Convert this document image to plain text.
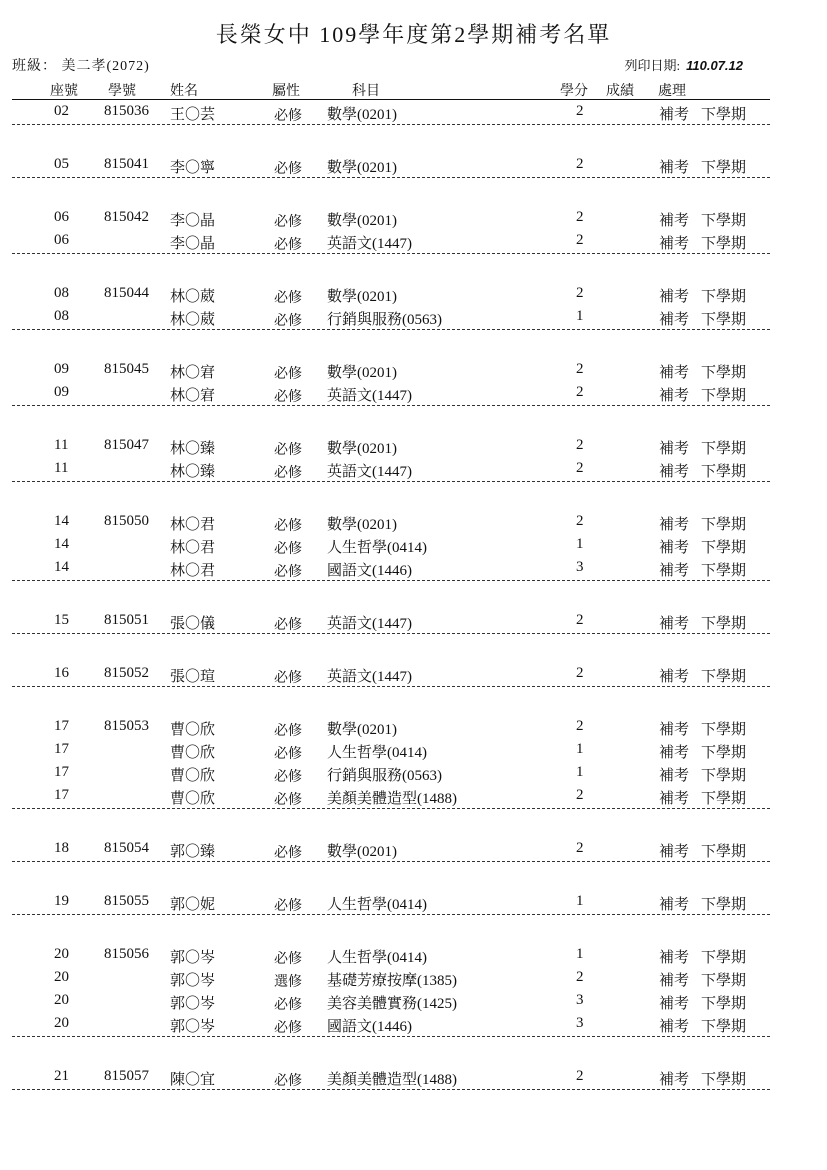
長榮女中 109學年度第2學期補考名單
班級： 美二孝(2072)	列印日期: 110.07.12
座號 學號 姓名	屬性	科目	學分 成績 處理
02 815036 王〇芸	必修 數學(0201)	2	補考 下學期
05 815041 李〇寧	必修 數學(0201)	2	補考 下學期
06 815042 李〇晶	必修 數學(0201)	2	補考 下學期
06	李〇晶	必修 英語文(1447)	2	補考 下學期
08 815044 林〇葳	必修 數學(0201)	2	補考 下學期
08	林〇葳	必修 行銷與服務(0563)	1	補考 下學期
09 815045 林〇宭	必修 數學(0201)	2	補考 下學期
09	林〇宭	必修 英語文(1447)	2	補考 下學期
11 815047 林〇臻	必修 數學(0201)	2	補考 下學期
11	林〇臻	必修 英語文(1447)	2	補考 下學期
14 815050 林〇君	必修 數學(0201)	2	補考 下學期
14	林〇君	必修 人生哲學(0414)	1	補考 下學期
14	林〇君	必修 國語文(1446)	3	補考 下學期
15 815051 張〇儀	必修 英語文(1447)	2	補考 下學期
16 815052 張〇瑄	必修 英語文(1447)	2	補考 下學期
17 815053 曹〇欣	必修 數學(0201)	2	補考 下學期
17	曹〇欣	必修 人生哲學(0414)	1	補考 下學期
17	曹〇欣	必修 行銷與服務(0563)	1	補考 下學期
17	曹〇欣	必修 美顏美體造型(1488)	2	補考 下學期
18 815054 郭〇臻	必修 數學(0201)	2	補考 下學期
19 815055 郭〇妮	必修 人生哲學(0414)	1	補考 下學期
20 815056 郭〇岑	必修 人生哲學(0414)	1	補考 下學期
20	郭〇岑	選修 基礎芳療按摩(1385)	2	補考 下學期
20	郭〇岑	必修 美容美體實務(1425)	3	補考 下學期
20	郭〇岑	必修 國語文(1446)	3	補考 下學期
21 815057 陳〇宜	必修 美顏美體造型(1488)	2	補考 下學期
